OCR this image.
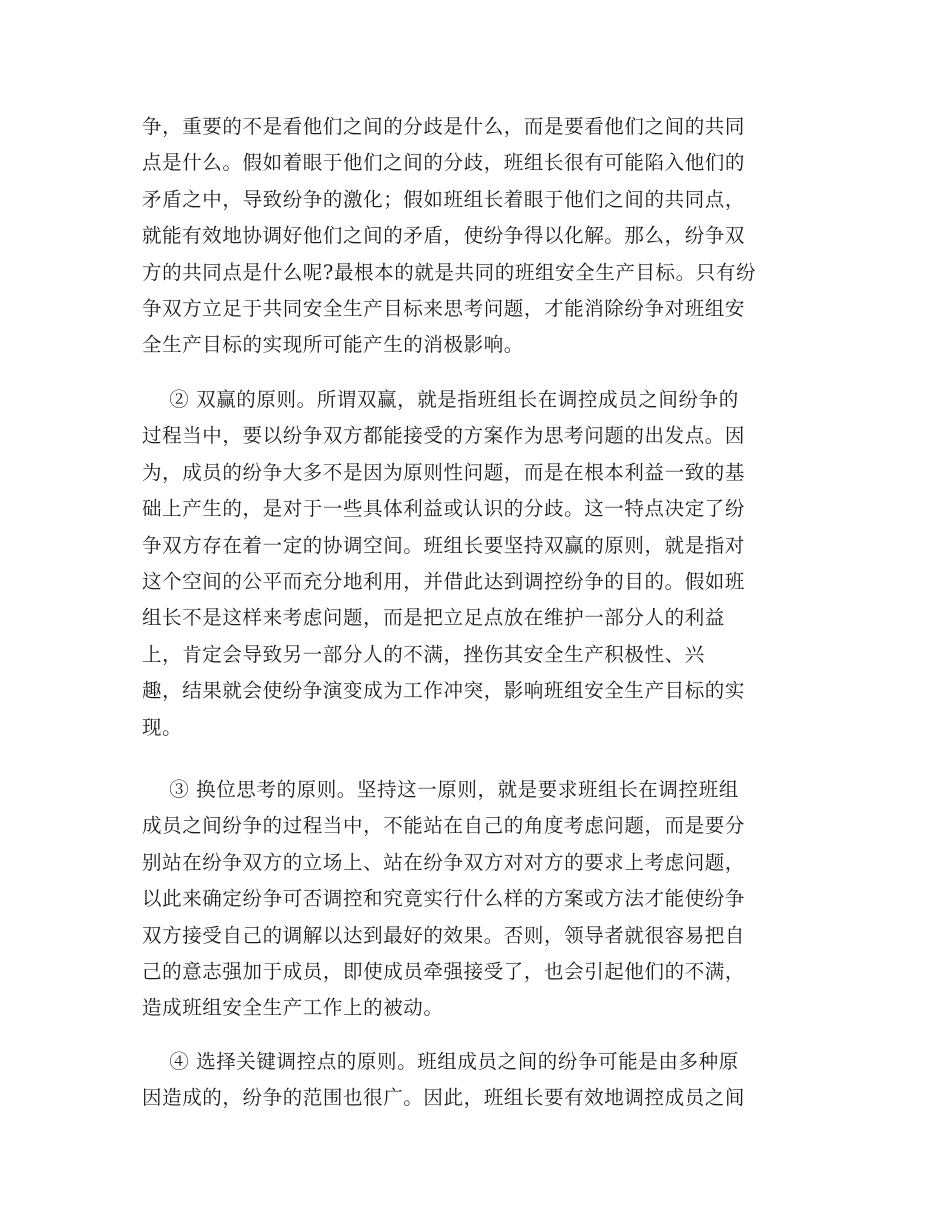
争，重要的不是看他们之间的分歧是什么，而是要看他们之间的共同
点是什么。假如着眼于他们之间的分歧，班组长很有可能陷入他们的
矛盾之中，导致纷争的激化；假如班组长着眼于他们之间的共同点，
就能有效地协调好他们之间的矛盾，使纷争得以化解。那么，纷争双
方的共同点是什么呢?最根本的就是共同的班组安全生产目标。只有纷
争双方立足于共同安全生产目标来思考问题，才能消除纷争对班组安
全生产目标的实现所可能产生的消极影响。
② 双赢的原则。所谓双赢，就是指班组长在调控成员之间纷争的
过程当中，要以纷争双方都能接受的方案作为思考问题的出发点。因
为，成员的纷争大多不是因为原则性问题，而是在根本利益一致的基
础上产生的，是对于一些具体利益或认识的分歧。这一特点决定了纷
争双方存在着一定的协调空间。班组长要坚持双赢的原则，就是指对
这个空间的公平而充分地利用，并借此达到调控纷争的目的。假如班
组长不是这样来考虑问题，而是把立足点放在维护一部分人的利益
上，肯定会导致另一部分人的不满，挫伤其安全生产积极性、兴
趣，结果就会使纷争演变成为工作冲突，影响班组安全生产目标的实
现。
③ 换位思考的原则。坚持这一原则，就是要求班组长在调控班组
成员之间纷争的过程当中，不能站在自己的角度考虑问题，而是要分
别站在纷争双方的立场上、站在纷争双方对对方的要求上考虑问题，
以此来确定纷争可否调控和究竟实行什么样的方案或方法才能使纷争
双方接受自己的调解以达到最好的效果。否则，领导者就很容易把自
己的意志强加于成员，即使成员牵强接受了，也会引起他们的不满，
造成班组安全生产工作上的被动。
④ 选择关键调控点的原则。班组成员之间的纷争可能是由多种原
因造成的，纷争的范围也很广。因此，班组长要有效地调控成员之间
